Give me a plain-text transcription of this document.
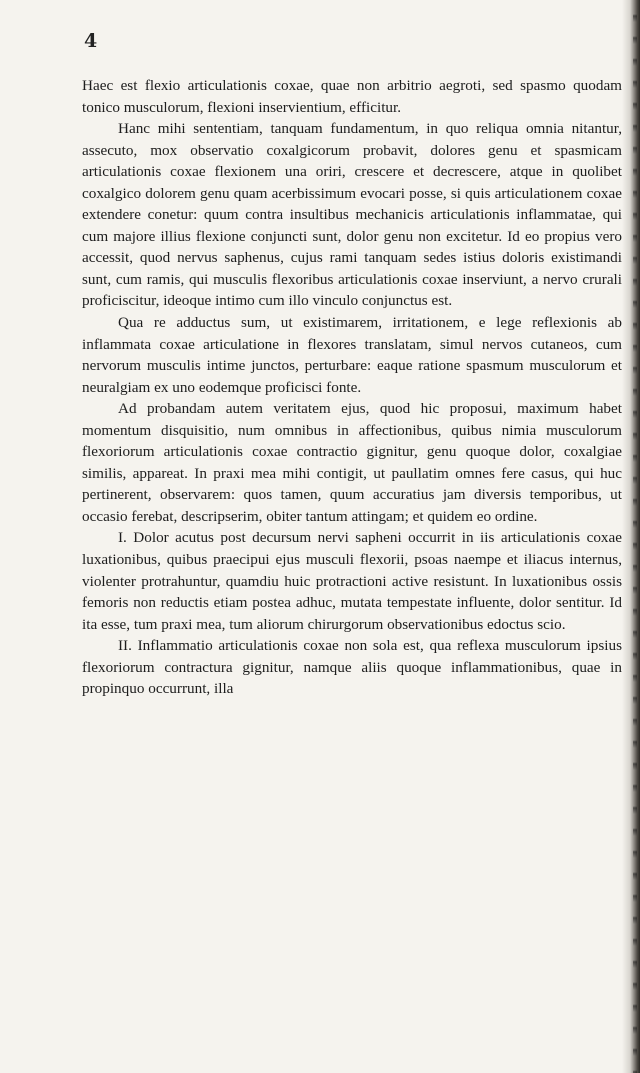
4

Haec est flexio articulationis coxae, quae non arbitrio aegroti, sed spasmo quodam tonico musculorum, flexioni inservientium, efficitur.

Hanc mihi sententiam, tanquam fundamentum, in quo reliqua omnia nitantur, assecuto, mox observatio coxalgicorum probavit, dolores genu et spasmicam articulationis coxae flexionem una oriri, crescere et decrescere, atque in quolibet coxalgico dolorem genu quam acerbissimum evocari posse, si quis articulationem coxae extendere conetur: quum contra insultibus mechanicis articulationis inflammatae, qui cum majore illius flexione conjuncti sunt, dolor genu non excitetur. Id eo propius vero accessit, quod nervus saphenus, cujus rami tanquam sedes istius doloris existimandi sunt, cum ramis, qui musculis flexoribus articulationis coxae inserviunt, a nervo crurali proficiscitur, ideoque intimo cum illo vinculo conjunctus est.

Qua re adductus sum, ut existimarem, irritationem, e lege reflexionis ab inflammata coxae articulatione in flexores translatam, simul nervos cutaneos, cum nervorum musculis intime junctos, perturbare: eaque ratione spasmum musculorum et neuralgiam ex uno eodemque proficisci fonte.

Ad probandam autem veritatem ejus, quod hic proposui, maximum habet momentum disquisitio, num omnibus in affectionibus, quibus nimia musculorum flexoriorum articulationis coxae contractio gignitur, genu quoque dolor, coxalgiae similis, appareat. In praxi mea mihi contigit, ut paullatim omnes fere casus, qui huc pertinerent, observarem: quos tamen, quum accuratius jam diversis temporibus, ut occasio ferebat, descripserim, obiter tantum attingam; et quidem eo ordine.

I. Dolor acutus post decursum nervi sapheni occurrit in iis articulationis coxae luxationibus, quibus praecipui ejus musculi flexorii, psoas naempe et iliacus internus, violenter protrahuntur, quamdiu huic protractioni active resistunt. In luxationibus ossis femoris non reductis etiam postea adhuc, mutata tempestate influente, dolor sentitur. Id ita esse, tum praxi mea, tum aliorum chirurgorum observationibus edoctus scio.

II. Inflammatio articulationis coxae non sola est, qua reflexa musculorum ipsius flexoriorum contractura gignitur, namque aliis quoque inflammationibus, quae in propinquo occurrunt, illa
